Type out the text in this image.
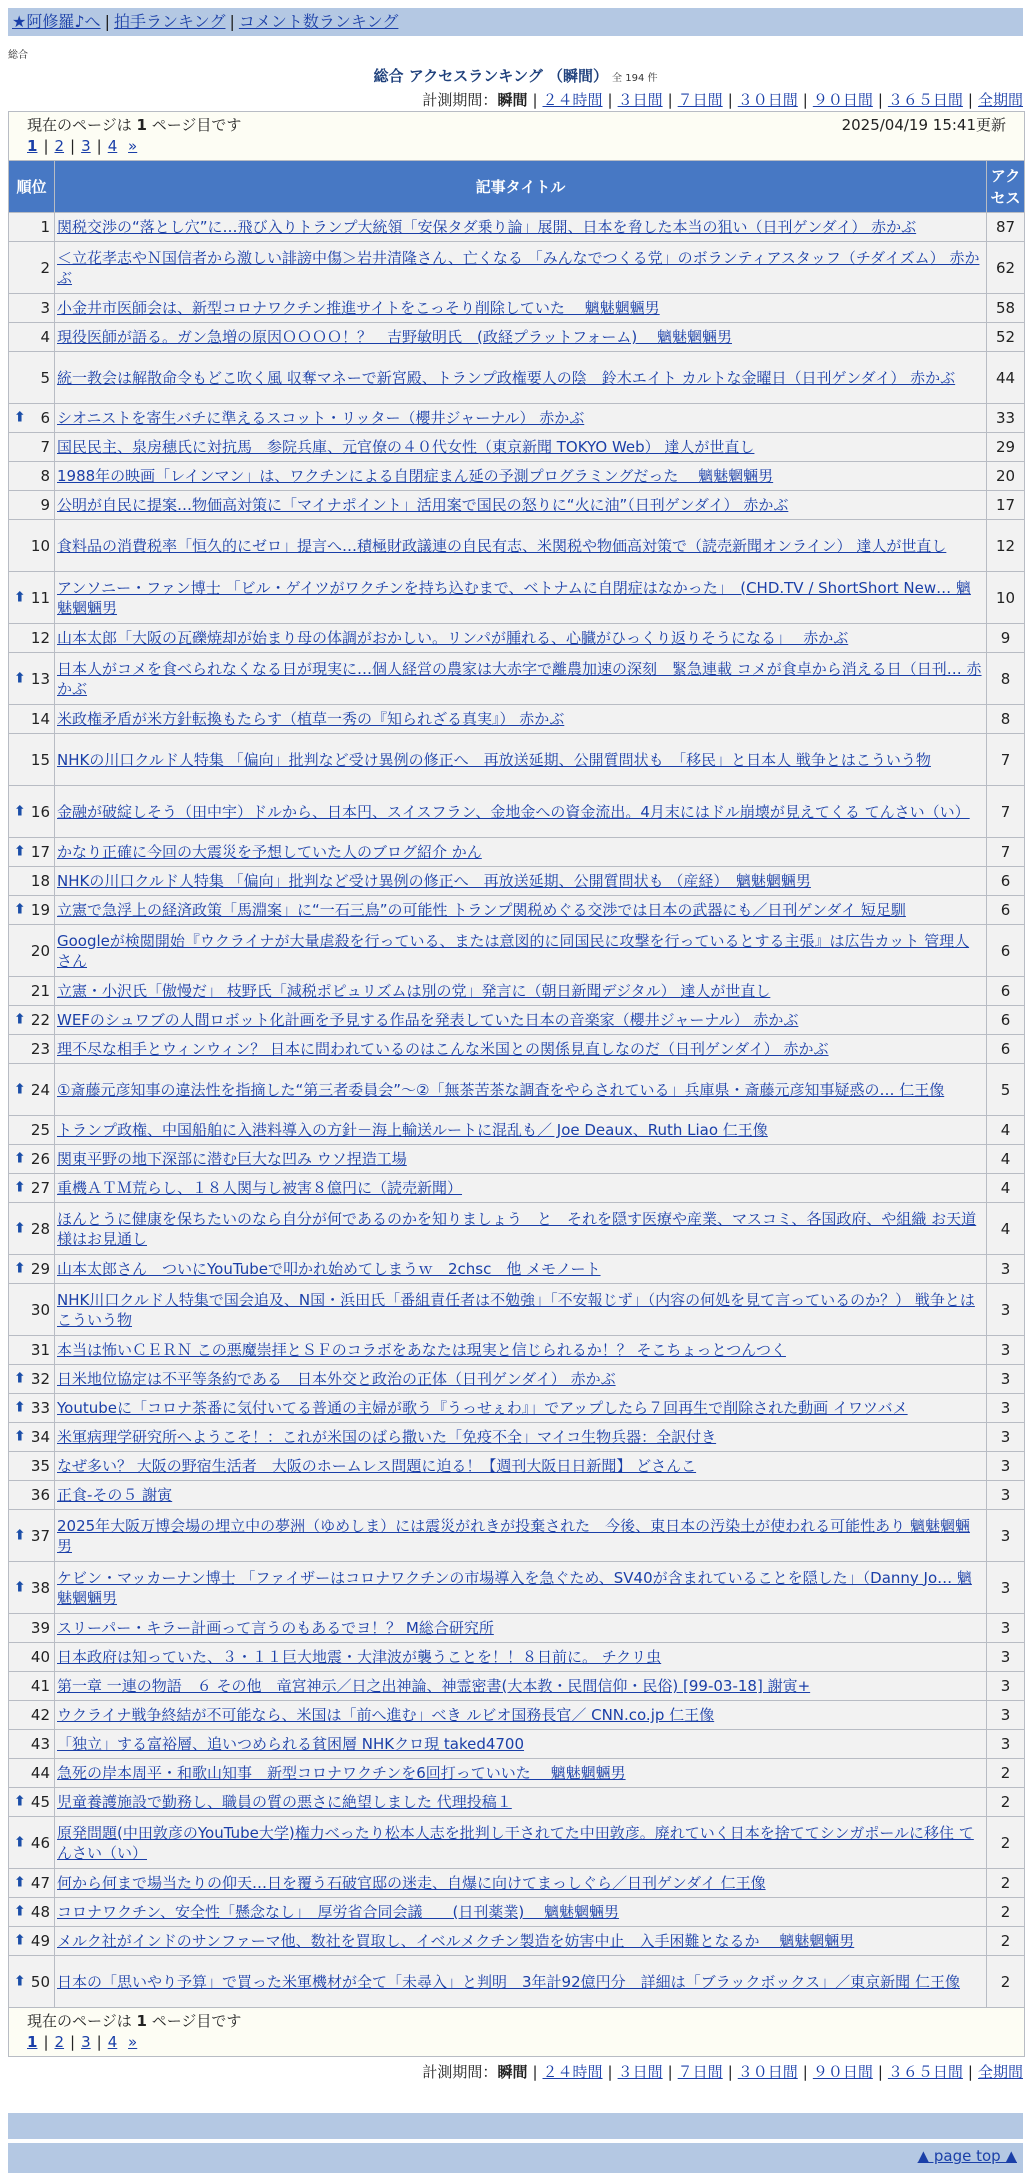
★阿修羅♪へ | 拍手ランキング | コメント数ランキング
総合
総合 アクセスランキング （瞬間） 全 194 件
計測期間：瞬間 | ２４時間 | ３日間 | ７日間 | ３０日間 | ９０日間 | ３６５日間 | 全期間
現在のページは 1 ページ目です 2025/04/19 15:41更新
1 | 2 | 3 | 4 »		

順位	記事タイトル	アクセス
1	関税交渉の“落とし穴”に…飛び入りトランプ大統領「安保タダ乗り論」展開、日本を脅した本当の狙い（日刊ゲンダイ） 赤かぶ	87
2	＜立花孝志やＮ国信者から激しい誹謗中傷＞岩井清隆さん、亡くなる 「みんなでつくる党」のボランティアスタッフ（チダイズム） 赤かぶ	62
3	小金井市医師会は、新型コロナワクチン推進サイトをこっそり削除していた　 魑魅魍魎男	58
4	現役医師が語る。ガン急増の原因ＯＯＯＯ！？　吉野敏明氏　(政経プラットフォーム)　 魑魅魍魎男	52
5	統一教会は解散命令もどこ吹く風 収奪マネーで新宮殿、トランプ政権要人の陰　鈴木エイト カルトな金曜日（日刊ゲンダイ） 赤かぶ	44

⬆ 6	シオニストを寄生バチに準えるスコット・リッター（櫻井ジャーナル） 赤かぶ	33
7	国民民主、泉房穂氏に対抗馬　参院兵庫、元官僚の４０代女性（東京新聞 TOKYO Web） 達人が世直し	29
8	1988年の映画「レインマン」は、ワクチンによる自閉症まん延の予測プログラミングだった　 魑魅魍魎男	20
9	公明が自民に提案…物価高対策に「マイナポイント」活用案で国民の怒りに“火に油”（日刊ゲンダイ） 赤かぶ	17
10	食料品の消費税率「恒久的にゼロ」提言へ…積極財政議連の自民有志、米関税や物価高対策で（読売新聞オンライン） 達人が世直し	12

⬆ 11	アンソニー・ファン博士 「ビル・ゲイツがワクチンを持ち込むまで、ベトナムに自閉症はなかった」　(CHD.TV / ShortShort New… 魑魅魍魎男	10
12	山本太郎「大阪の瓦礫焼却が始まり母の体調がおかしい。リンパが腫れる、心臓がひっくり返りそうになる」　 赤かぶ	9

⬆ 13	日本人がコメを食べられなくなる日が現実に…個人経営の農家は大赤字で離農加速の深刻　緊急連載 コメが食卓から消える日（日刊… 赤かぶ	8
14	米政権矛盾が米方針転換もたらす（植草一秀の『知られざる真実』） 赤かぶ	8
15	NHKの川口クルド人特集 「偏向」批判など受け異例の修正へ　再放送延期、公開質問状も　「移民」と日本人 戦争とはこういう物	7

⬆ 16	金融が破綻しそう（田中宇）ドルから、日本円、スイスフラン、金地金への資金流出。4月末にはドル崩壊が見えてくる てんさい（い）	7

⬆ 17	かなり正確に今回の大震災を予想していた人のブログ紹介 かん	7
18	NHKの川口クルド人特集 「偏向」批判など受け異例の修正へ　再放送延期、公開質問状も （産経）　魑魅魍魎男	6

⬆ 19	立憲で急浮上の経済政策「馬淵案」に“一石三鳥”の可能性 トランプ関税めぐる交渉では日本の武器にも／日刊ゲンダイ 短足馴	6
20	Googleが検閲開始『ウクライナが大量虐殺を行っている、または意図的に同国民に攻撃を行っているとする主張』は広告カット 管理人さん	6
21	立憲・小沢氏「傲慢だ」 枝野氏「減税ポピュリズムは別の党」発言に（朝日新聞デジタル） 達人が世直し	6

⬆ 22	WEFのシュワブの人間ロボット化計画を予見する作品を発表していた日本の音楽家（櫻井ジャーナル） 赤かぶ	6
23	理不尽な相手とウィンウィン？ 日本に問われているのはこんな米国との関係見直しなのだ（日刊ゲンダイ） 赤かぶ	6

⬆ 24	①斎藤元彦知事の違法性を指摘した“第三者委員会”～②「無茶苦茶な調査をやらされている」兵庫県・斎藤元彦知事疑惑の… 仁王像	5
25	トランプ政権、中国船舶に入港料導入の方針－海上輸送ルートに混乱も／ Joe Deaux、Ruth Liao 仁王像	4

⬆ 26	関東平野の地下深部に潜む巨大な凹み ウソ捏造工場	4

⬆ 27	重機ＡＴＭ荒らし、１８人関与し被害８億円に（読売新聞）	4

⬆ 28	ほんとうに健康を保ちたいのなら自分が何であるのかを知りましょう　と　それを隠す医療や産業、マスコミ、各国政府、や組織 お天道様はお見通し	4

⬆ 29	山本太郎さん　ついにYouTubeで叩かれ始めてしまうｗ　2chsc　他 メモノート	3
30	NHK川口クルド人特集で国会追及、N国・浜田氏「番組責任者は不勉強」「不安報じず」（内容の何処を見て言っているのか？） 戦争とはこういう物	3
31	本当は怖いＣＥＲＮ この悪魔崇拝とＳＦのコラボをあなたは現実と信じられるか！？ そこちょっとつんつく	3

⬆ 32	日米地位協定は不平等条約である　日本外交と政治の正体（日刊ゲンダイ） 赤かぶ	3

⬆ 33	Youtubeに「コロナ茶番に気付いてる普通の主婦が歌う『うっせぇわ』」でアップしたら７回再生で削除された動画 イワツバメ	3

⬆ 34	米軍病理学研究所へようこそ！：これが米国のばら撒いた「免疫不全」マイコ生物兵器：全訳付き	3
35	なぜ多い？ 大阪の野宿生活者　大阪のホームレス問題に迫る！【週刊大阪日日新聞】 どさんこ	3
36	正食-その５ 謝寅	3

⬆ 37	2025年大阪万博会場の埋立中の夢洲（ゆめしま）には震災がれきが投棄された　今後、東日本の汚染土が使われる可能性あり 魑魅魍魎男	3

⬆ 38	ケビン・マッカーナン博士 「ファイザーはコロナワクチンの市場導入を急ぐため、SV40が含まれていることを隠した」（Danny Jo… 魑魅魍魎男	3
39	スリーパー・キラー計画って言うのもあるでヨ！？ M総合研究所	3
40	日本政府は知っていた、３・１１巨大地震・大津波が襲うことを！！８日前に。 チクリ虫	3
41	第一章 一連の物語　６ その他　竜宮神示／日之出神論、神霊密書(大本教・民間信仰・民俗) [99-03-18] 謝寅+	3
42	ウクライナ戦争終結が不可能なら、米国は「前へ進む」べき ルビオ国務長官／ CNN.co.jp 仁王像	3
43	「独立」する富裕層、追いつめられる貧困層 NHKクロ現 taked4700	3
44	急死の岸本周平・和歌山知事　新型コロナワクチンを6回打っていいた　 魑魅魍魎男	2

⬆ 45	児童養護施設で勤務し、職員の質の悪さに絶望しました 代理投稿１	2

⬆ 46	原発問題(中田敦彦のYouTube大学)権力べったり松本人志を批判し干されてた中田敦彦。廃れていく日本を捨ててシンガポールに移住 てんさい（い）	2

⬆ 47	何から何まで場当たりの仰天…日を覆う石破官邸の迷走、自爆に向けてまっしぐら／日刊ゲンダイ 仁王像	2

⬆ 48	コロナワクチン、安全性「懸念なし」　厚労省合同会議　　(日刊薬業)　 魑魅魍魎男	2

⬆ 49	メルク社がインドのサンファーマ他、数社を買取し、イベルメクチン製造を妨害中止　入手困難となるか　 魑魅魍魎男	2

⬆ 50	日本の「思いやり予算」で買った米軍機材が全て「未尋入」と判明　3年計92億円分　詳細は「ブラックボックス」／東京新聞 仁王像	2

現在のページは 1 ページ目です
1 | 2 | 3 | 4 »		
計測期間：瞬間 | ２４時間 | ３日間 | ７日間 | ３０日間 | ９０日間 | ３６５日間 | 全期間
▲ page top ▲
